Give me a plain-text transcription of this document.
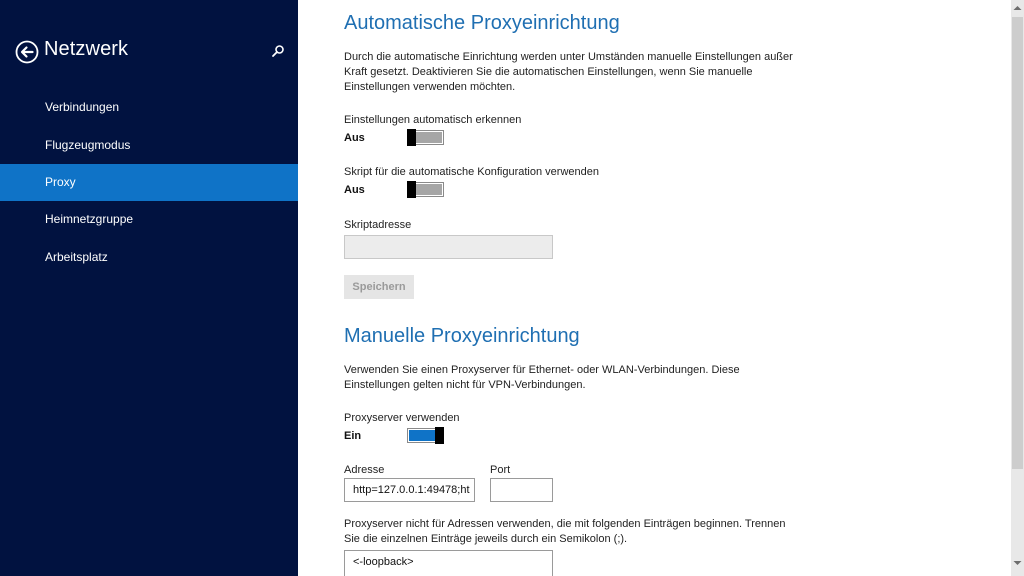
Netzwerk
Verbindungen
Flugzeugmodus
Proxy
Heimnetzgruppe
Arbeitsplatz
Automatische Proxyeinrichtung
Durch die automatische Einrichtung werden unter Umständen manuelle Einstellungen außer Kraft gesetzt. Deaktivieren Sie die automatischen Einstellungen, wenn Sie manuelle Einstellungen verwenden möchten.
Einstellungen automatisch erkennen
Aus
Skript für die automatische Konfiguration verwenden
Aus
Skriptadresse
Speichern
Manuelle Proxyeinrichtung
Verwenden Sie einen Proxyserver für Ethernet- oder WLAN-Verbindungen. Diese Einstellungen gelten nicht für VPN-Verbindungen.
Proxyserver verwenden
Ein
Adresse
http=127.0.0.1:49478;ht
Port
Proxyserver nicht für Adressen verwenden, die mit folgenden Einträgen beginnen. Trennen Sie die einzelnen Einträge jeweils durch ein Semikolon (;).
<-loopback>
